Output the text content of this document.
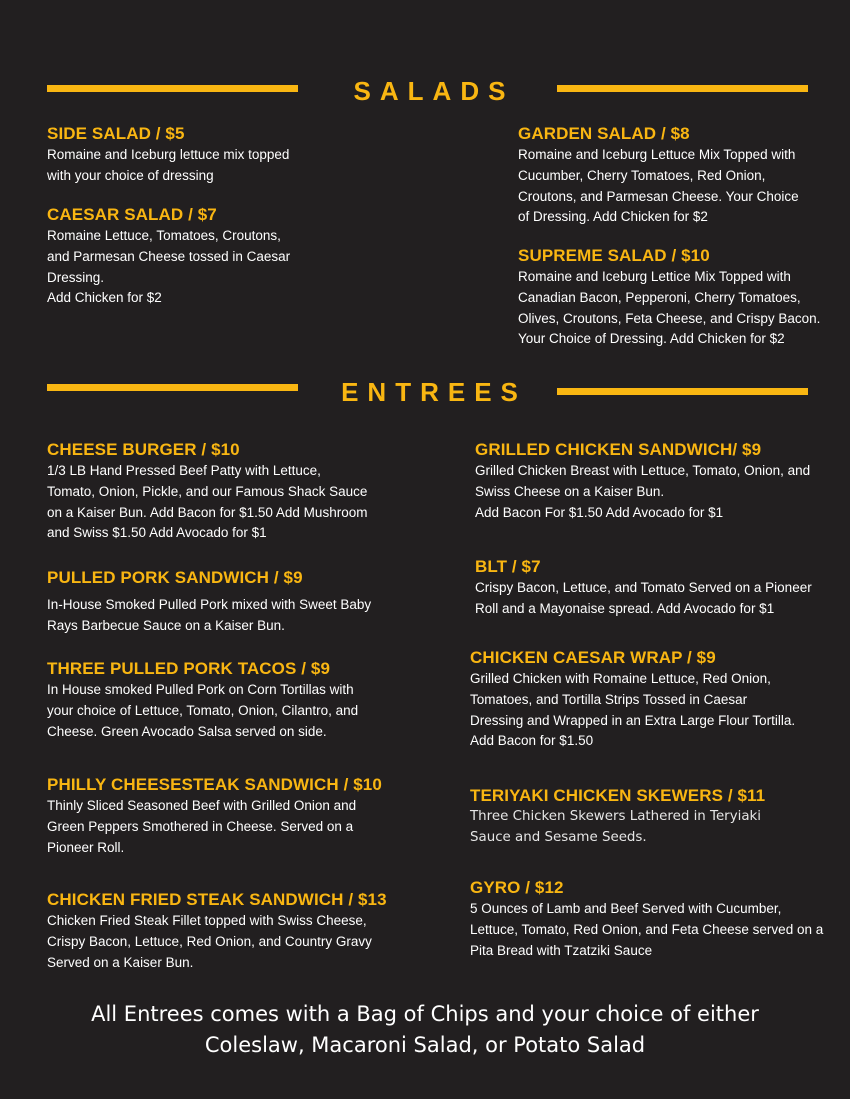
SALADS
SIDE SALAD / $5

Romaine and Iceburg lettuce mix topped
with your choice of dressing

CAESAR SALAD / $7

Romaine Lettuce, Tomatoes, Croutons,
and Parmesan Cheese tossed in Caesar
Dressing.
Add Chicken for $2

GARDEN SALAD / $8

Romaine and Iceburg Lettuce Mix Topped with
Cucumber, Cherry Tomatoes, Red Onion,
Croutons, and Parmesan Cheese. Your Choice
of Dressing. Add Chicken for $2

SUPREME SALAD / $10

Romaine and Iceburg Lettice Mix Topped with
Canadian Bacon, Pepperoni, Cherry Tomatoes,
Olives, Croutons, Feta Cheese, and Crispy Bacon.
Your Choice of Dressing. Add Chicken for $2

ENTREES
CHEESE BURGER / $10

1/3 LB Hand Pressed Beef Patty with Lettuce,
Tomato, Onion, Pickle, and our Famous Shack Sauce
on a Kaiser Bun. Add Bacon for $1.50 Add Mushroom
and Swiss $1.50 Add Avocado for $1

PULLED PORK SANDWICH / $9

In-House Smoked Pulled Pork mixed with Sweet Baby
Rays Barbecue Sauce on a Kaiser Bun.

THREE PULLED PORK TACOS / $9

In House smoked Pulled Pork on Corn Tortillas with
your choice of Lettuce, Tomato, Onion, Cilantro, and
Cheese. Green Avocado Salsa served on side.

PHILLY CHEESESTEAK SANDWICH / $10

Thinly Sliced Seasoned Beef with Grilled Onion and
Green Peppers Smothered in Cheese. Served on a
Pioneer Roll.

CHICKEN FRIED STEAK SANDWICH / $13

Chicken Fried Steak Fillet topped with Swiss Cheese,
Crispy Bacon, Lettuce, Red Onion, and Country Gravy
Served on a Kaiser Bun.

GRILLED CHICKEN SANDWICH/ $9

Grilled Chicken Breast with Lettuce, Tomato, Onion, and
Swiss Cheese on a Kaiser Bun.
Add Bacon For $1.50 Add Avocado for $1

BLT / $7

Crispy Bacon, Lettuce, and Tomato Served on a Pioneer
Roll and a Mayonaise spread. Add Avocado for $1

CHICKEN CAESAR WRAP / $9

Grilled Chicken with Romaine Lettuce, Red Onion,
Tomatoes, and Tortilla Strips Tossed in Caesar
Dressing and Wrapped in an Extra Large Flour Tortilla.
Add Bacon for $1.50

TERIYAKI CHICKEN SKEWERS / $11

Three Chicken Skewers Lathered in Teryiaki
Sauce and Sesame Seeds.

GYRO / $12

5 Ounces of Lamb and Beef Served with Cucumber,
Lettuce, Tomato, Red Onion, and Feta Cheese served on a
Pita Bread with Tzatziki Sauce

All Entrees comes with a Bag of Chips and your choice of either
Coleslaw, Macaroni Salad, or Potato Salad
